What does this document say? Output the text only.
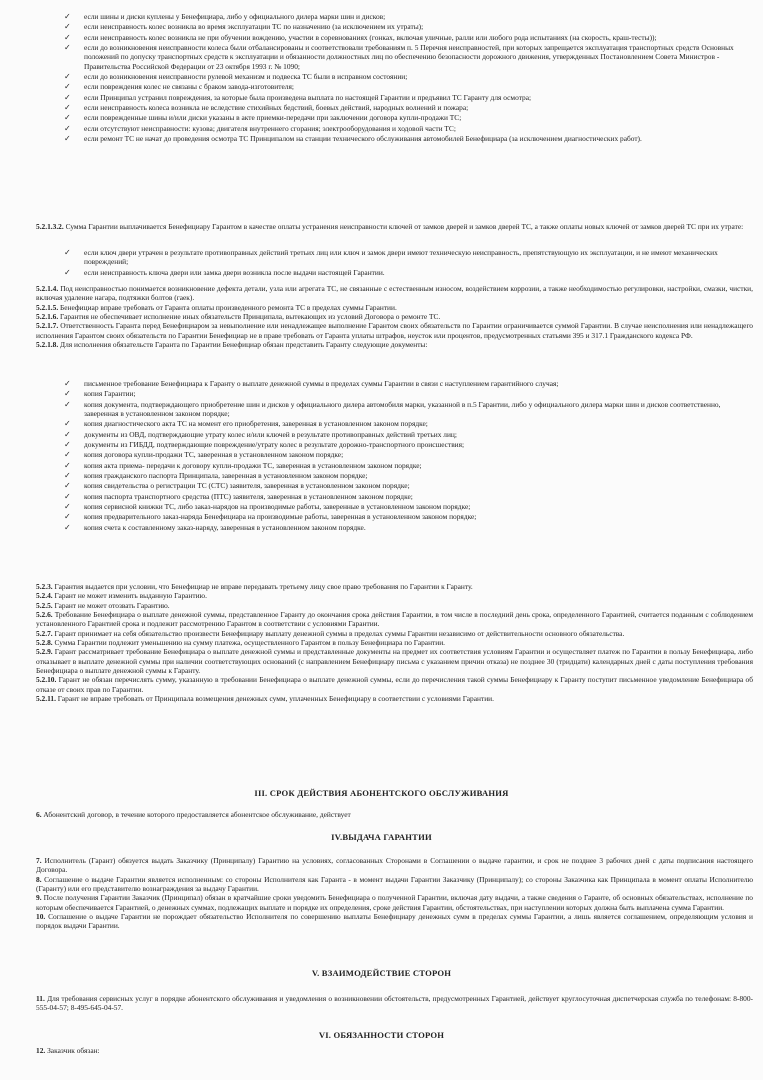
✓ если шины и диски куплены у Бенефициара, либо у официального дилера марки шин и дисков;
✓ если неисправность колес возникла во время эксплуатации ТС по назначению (за исключением их утраты);
✓ если неисправность колес возникла не при обучении вождению, участии в соревнованиях (гонках, включая уличные, ралли или любого рода испытаниях (на скорость, краш-тесты));
✓ если до возникновения неисправности колеса были отбалансированы и соответствовали требованиям п. 5 Перечня неисправностей, при которых запрещается эксплуатация транспортных средств Основных положений по допуску транспортных средств к эксплуатации и обязанности должностных лиц по обеспечению безопасности дорожного движения, утвержденных Постановлением Совета Министров - Правительства Российской Федерации от 23 октября 1993 г. № 1090;
✓ если до возникновения неисправности рулевой механизм и подвеска ТС были в исправном состоянии;
✓ если повреждения колес не связаны с браком завода-изготовителя;
✓ если Принципал устранил повреждения, за которые была произведена выплата по настоящей Гарантии и предъявил ТС Гаранту для осмотра;
✓ если неисправность колеса возникла не вследствие стихийных бедствий, боевых действий, народных волнений и пожара;
✓ если поврежденные шины и/или диски указаны в акте приемки-передачи при заключении договора купли-продажи ТС;
✓ если отсутствуют неисправности: кузова; двигателя внутреннего сгорания; электрооборудования и ходовой части ТС;
✓ если ремонт ТС не начат до проведения осмотра ТС Принципалом на станции технического обслуживания автомобилей Бенефициара (за исключением диагностических работ).
5.2.1.3.2. Сумма Гарантии выплачивается Бенефициару Гарантом в качестве оплаты устранения неисправности ключей от замков дверей и замков дверей ТС, а также оплаты новых ключей от замков дверей ТС при их утрате:
✓ если ключ двери утрачен в результате противоправных действий третьих лиц или ключ и замок двери имеют техническую неисправность, препятствующую их эксплуатации, и не имеют механических повреждений;
✓ если неисправность ключа двери или замка двери возникла после выдачи настоящей Гарантии.
5.2.1.4. Под неисправностью понимается возникновение дефекта детали, узла или агрегата ТС, не связанные с естественным износом, воздействием коррозии, а также необходимостью регулировки, настройки, смазки, чистки, включая удаление нагара, подтяжки болтов (гаек).
5.2.1.5. Бенефициар вправе требовать от Гаранта оплаты произведенного ремонта ТС в пределах суммы Гарантии.
5.2.1.6. Гарантия не обеспечивает исполнение иных обязательств Принципала, вытекающих из условий Договора о ремонте ТС.
5.2.1.7. Ответственность Гаранта перед Бенефициаром за невыполнение или ненадлежащее выполнение Гарантом своих обязательств по Гарантии ограничивается суммой Гарантии. В случае неисполнения или ненадлежащего исполнения Гарантом своих обязательств по Гарантии Бенефициар не в праве требовать от Гаранта уплаты штрафов, неусток или процентов, предусмотренных статьями 395 и 317.1 Гражданского кодекса РФ.
5.2.1.8. Для исполнения обязательств Гаранта по Гарантии Бенефициар обязан представить Гаранту следующие документы:
✓ письменное требование Бенефициара к Гаранту о выплате денежной суммы в пределах суммы Гарантии в связи с наступлением гарантийного случая;
✓ копия Гарантии;
✓ копия документа, подтверждающего приобретение шин и дисков у официального дилера автомобиля марки, указанной в п.5 Гарантии, либо у официального дилера марки шин и дисков соответственно, заверенная в установленном законом порядке;
✓ копия диагностического акта ТС на момент его приобретения, заверенная в установленном законом порядке;
✓ документы из ОВД, подтверждающие утрату колес и/или ключей в результате противоправных действий третьих лиц;
✓ документы из ГИБДД, подтверждающие повреждение/утрату колес в результате дорожно-транспортного происшествия;
✓ копия договора купли-продажи ТС, заверенная в установленном законом порядке;
✓ копия акта приема- передачи к договору купли-продажи ТС, заверенная в установленном законом порядке;
✓ копия гражданского паспорта Принципала, заверенная в установленном законом порядке;
✓ копия свидетельства о регистрации ТС (СТС) заявителя, заверенная в установленном законом порядке;
✓ копия паспорта транспортного средства (ПТС) заявителя, заверенная в установленном законом порядке;
✓ копия сервисной книжки ТС, либо заказ-нарядов на производимые работы, заверенные в установленном законом порядке;
✓ копия предварительного заказ-наряда Бенефициара на производимые работы, заверенная в установленном законом порядке;
✓ копия счета к составленному заказ-наряду, заверенная в установленном законом порядке.
5.2.3. Гарантия выдается при условии, что Бенефициар не вправе передавать третьему лицу свое право требования по Гарантии к Гаранту.
5.2.4. Гарант не может изменить выданную Гарантию.
5.2.5. Гарант не может отозвать Гарантию.
5.2.6. Требование Бенефициара о выплате денежной суммы, представленное Гаранту до окончания срока действия Гарантии, в том числе в последний день срока, определенного Гарантией, считается поданным с соблюдением установленного Гарантией срока и подлежит рассмотрению Гарантом в соответствии с условиями Гарантии.
5.2.7. Гарант принимает на себя обязательство произвести Бенефициару выплату денежной суммы в пределах суммы Гарантии независимо от действительности основного обязательства.
5.2.8. Сумма Гарантии подлежит уменьшению на сумму платежа, осуществленного Гарантом в пользу Бенефициара по Гарантии.
5.2.9. Гарант рассматривает требование Бенефициара о выплате денежной суммы и представленные документы на предмет их соответствия условиям Гарантии и осуществляет платеж по Гарантии в пользу Бенефициара, либо отказывает в выплате денежной суммы при наличии соответствующих оснований (с направлением Бенефициару письма с указанием причин отказа) не позднее 30 (тридцати) календарных дней с даты поступления требования Бенефициара о выплате денежной суммы к Гаранту.
5.2.10. Гарант не обязан перечислять сумму, указанную в требовании Бенефициара о выплате денежной суммы, если до перечисления такой суммы Бенефициару к Гаранту поступит письменное уведомление Бенефициара об отказе от своих прав по Гарантии.
5.2.11. Гарант не вправе требовать от Принципала возмещения денежных сумм, уплаченных Бенефициару в соответствии с условиями Гарантии.
III. СРОК ДЕЙСТВИЯ АБОНЕНТСКОГО ОБСЛУЖИВАНИЯ
6. Абонентский договор, в течение которого предоставляется абонентское обслуживание, действует
IV.ВЫДАЧА ГАРАНТИИ
7. Исполнитель (Гарант) обязуется выдать Заказчику (Принципалу) Гарантию на условиях, согласованных Сторонами в Соглашении о выдаче гарантии, и срок не позднее 3 рабочих дней с даты подписания настоящего Договора.
8. Соглашение о выдаче Гарантии является исполненным: со стороны Исполнителя как Гаранта - в момент выдачи Гарантии Заказчику (Принципалу); со стороны Заказчика как Принципала в момент оплаты Исполнителю (Гаранту) или его представителю вознаграждения за выдачу Гарантии.
9. После получения Гарантии Заказчик (Принципал) обязан в кратчайшие сроки уведомить Бенефициара о полученной Гарантии, включая дату выдачи, а также сведения о Гаранте, об основных обязательствах, исполнение по которым обеспечивается Гарантией, о денежных суммах, подлежащих выплате и порядке их определения, сроке действия Гарантии, обстоятельствах, при наступлении которых должна быть выплачена сумма Гарантии.
10. Соглашение о выдаче Гарантии не порождает обязательство Исполнителя по совершению выплаты Бенефициару денежных сумм в пределах суммы Гарантии, а лишь является соглашением, определяющим условия и порядок выдачи Гарантии.
V. ВЗАИМОДЕЙСТВИЕ СТОРОН
11. Для требования сервисных услуг в порядке абонентского обслуживания и уведомления о возникновении обстоятельств, предусмотренных Гарантией, действует круглосуточная диспетчерская служба по телефонам: 8-800-555-04-57; 8-495-645-04-57.
VI. ОБЯЗАННОСТИ СТОРОН
12. Заказчик обязан:
